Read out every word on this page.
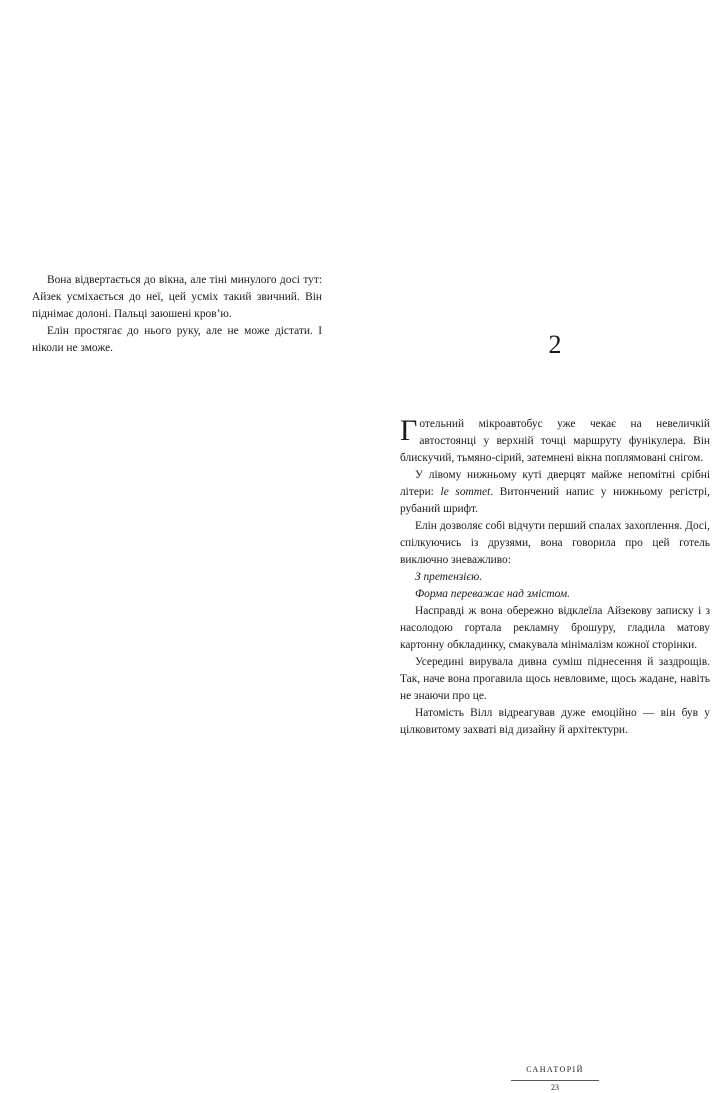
Вона відвертається до вікна, але тіні минулого досі тут: Айзек усміхається до неї, цей усміх такий звичний. Він піднімає долоні. Пальці заюшені кров’ю.

Елін простягає до нього руку, але не може дістати. І ніколи не зможе.	2

Готельний мікроавтобус уже чекає на невеличкій автостоянці у верхній точці маршруту фунікулера. Він блискучий, тьмяно-сірий, затемнені вікна поплямовані снігом.

У лівому нижньому куті дверцят майже непомітні срібні літери: le sommet. Витончений напис у нижньому регістрі, рубаний шрифт.

Елін дозволяє собі відчути перший спалах захоплення. Досі, спілкуючись із друзями, вона говорила про цей готель виключно зневажливо:

З претензією.

Форма переважає над змістом.

Насправді ж вона обережно відклеїла Айзекову записку і з насолодою гортала рекламну брошуру, гладила матову картонну обкладинку, смакувала мінімалізм кожної сторінки.

Усередині вирувала дивна суміш піднесення й заздрощів. Так, наче вона прогавила щось невловиме, щось жадане, навіть не знаючи про це.

Натомість Вілл відреагував дуже емоційно — він був у цілковитому захваті від дизайну й архітектури.

САНАТОРІЙ
23
